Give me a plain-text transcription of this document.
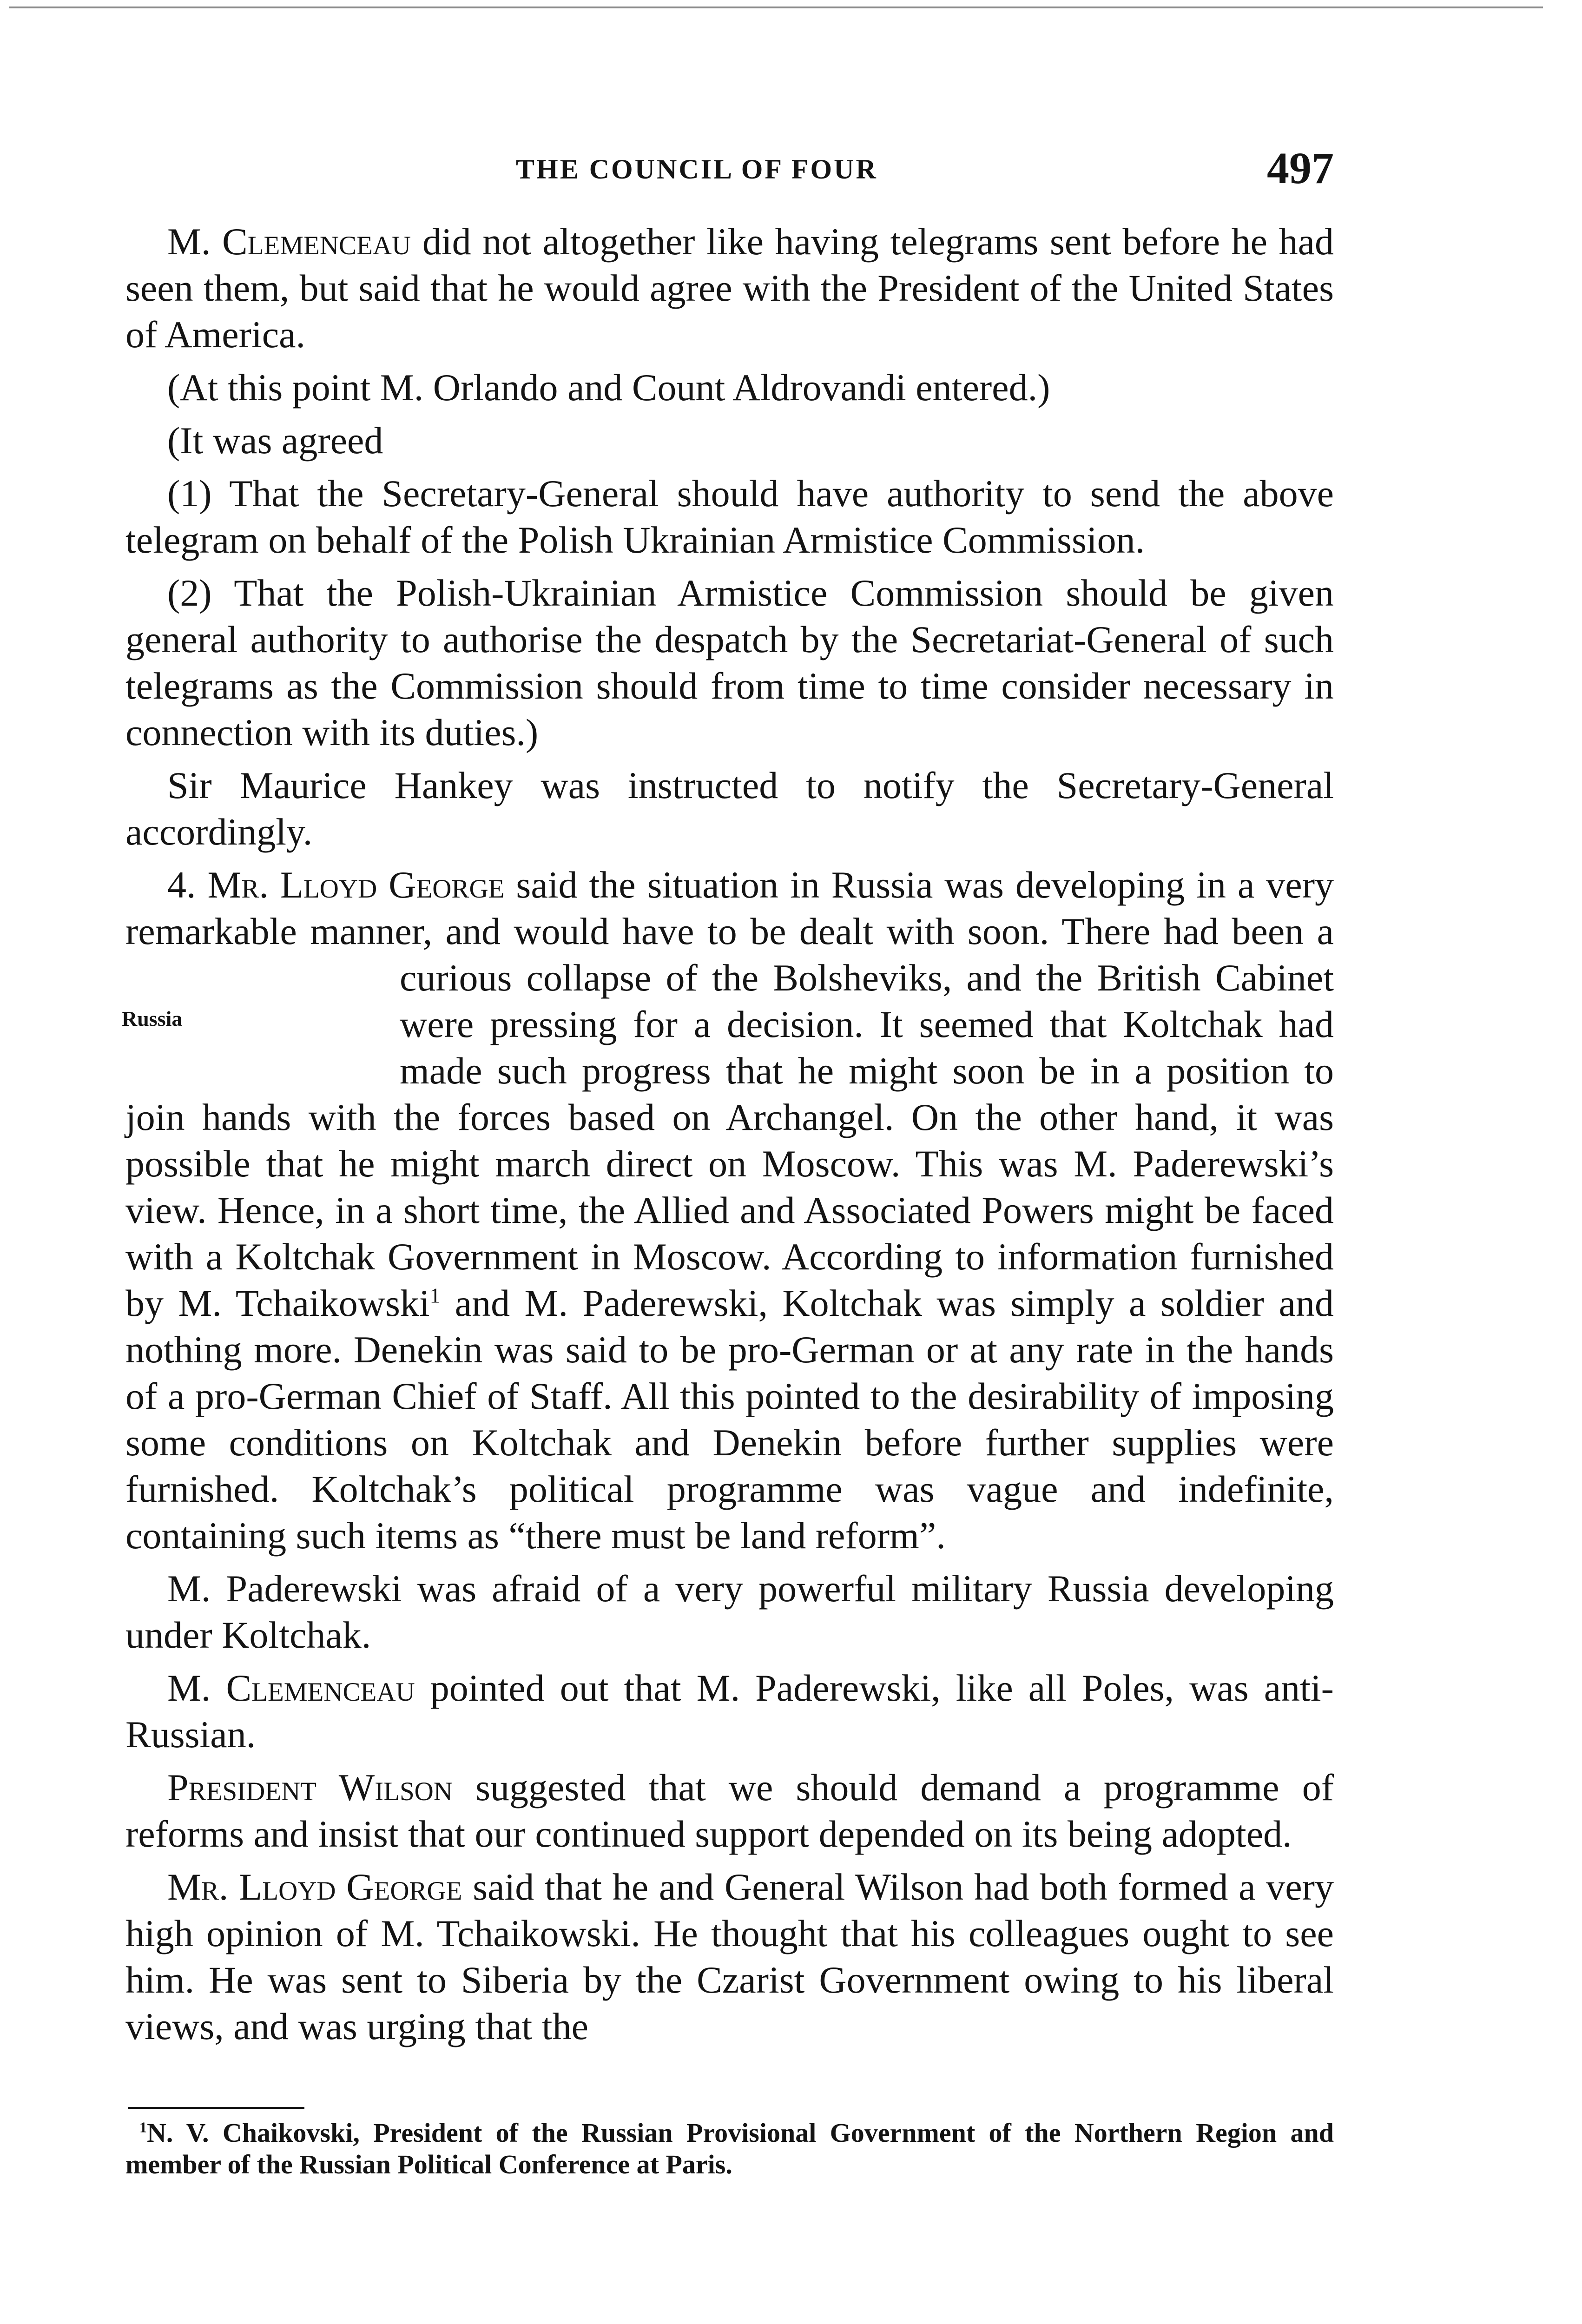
THE COUNCIL OF FOUR	497

M. Clemenceau did not altogether like having telegrams sent before he had seen them, but said that he would agree with the President of the United States of America.

(At this point M. Orlando and Count Aldrovandi entered.)

(It was agreed

(1) That the Secretary-General should have authority to send the above telegram on behalf of the Polish Ukrainian Armistice Commission.

(2) That the Polish-Ukrainian Armistice Commission should be given general authority to authorise the despatch by the Secretariat-General of such telegrams as the Commission should from time to time consider necessary in connection with its duties.)

Sir Maurice Hankey was instructed to notify the Secretary-General accordingly.

4. Mr. Lloyd George said the situation in Russia was developing in a very remarkable manner, and would have to be dealt with soon. There had been a curious collapse of the Bolsheviks, and the British
Russia
Cabinet were pressing for a decision. It seemed that Koltchak had made such progress that he might soon be in a position to join hands with the forces based on Archangel. On the other hand, it was possible that he might march direct on Moscow. This was M. Paderewski’s view. Hence, in a short time, the Allied and Associated Powers might be faced with a Koltchak Government in Moscow. According to information furnished by M. Tchaikowski$^1$ and M. Paderewski, Koltchak was simply a soldier and nothing more. Denekin was said to be pro-German or at any rate in the hands of a pro-German Chief of Staff. All this pointed to the desirability of imposing some conditions on Koltchak and Denekin before further supplies were furnished. Koltchak’s political programme was vague and indefinite, containing such items as “there must be land reform”.

M. Paderewski was afraid of a very powerful military Russia developing under Koltchak.

M. Clemenceau pointed out that M. Paderewski, like all Poles, was anti-Russian.

President Wilson suggested that we should demand a programme of reforms and insist that our continued support depended on its being adopted.

Mr. Lloyd George said that he and General Wilson had both formed a very high opinion of M. Tchaikowski. He thought that his colleagues ought to see him. He was sent to Siberia by the Czarist Government owing to his liberal views, and was urging that the

$^1$N. V. Chaikovski, President of the Russian Provisional Government of the Northern Region and member of the Russian Political Conference at Paris.
